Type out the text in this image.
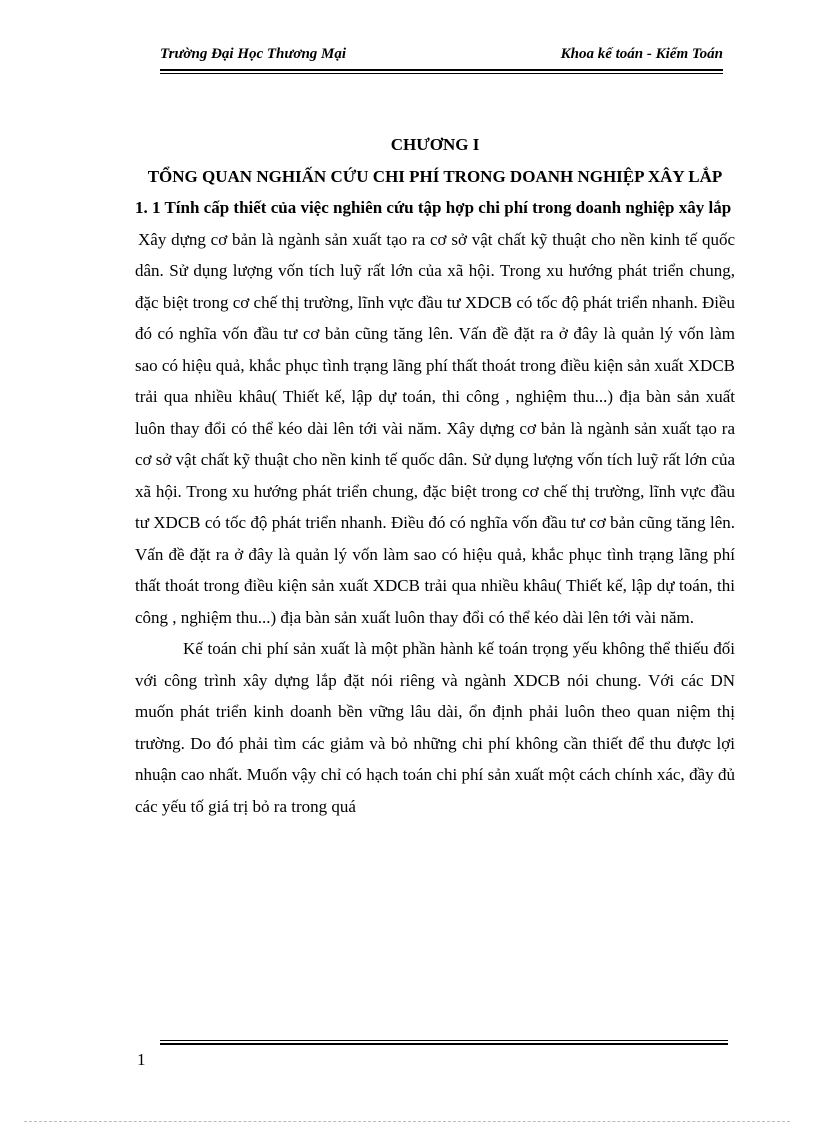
Trường Đại Học Thương Mại	Khoa kế toán - Kiểm Toán

CHƯƠNG I

TỔNG QUAN NGHIẤN CỨU CHI PHÍ TRONG DOANH NGHIỆP XÂY LẮP

1. 1 Tính cấp thiết của việc nghiên cứu tập hợp chi phí trong doanh nghiệp xây lắp

Xây dựng cơ bản là ngành sản xuất tạo ra cơ sở vật chất kỹ thuật cho nền kinh tế quốc dân. Sử dụng lượng vốn tích luỹ rất lớn của xã hội. Trong xu hướng phát triển chung, đặc biệt trong cơ chế thị trường, lĩnh vực đầu tư XDCB có tốc độ phát triển nhanh. Điều đó có nghĩa vốn đầu tư cơ bản cũng tăng lên. Vấn đề đặt ra ở đây là quản lý vốn làm sao có hiệu quả, khắc phục tình trạng lãng phí thất thoát trong điều kiện sản xuất XDCB trải qua nhiều khâu( Thiết kế, lập dự toán, thi công , nghiệm thu...) địa bàn sản xuất luôn thay đổi có thể kéo dài lên tới vài năm. Xây dựng cơ bản là ngành sản xuất tạo ra cơ sở vật chất kỹ thuật cho nền kinh tế quốc dân. Sử dụng lượng vốn tích luỹ rất lớn của xã hội. Trong xu hướng phát triển chung, đặc biệt trong cơ chế thị trường, lĩnh vực đầu tư XDCB có tốc độ phát triển nhanh. Điều đó có nghĩa vốn đầu tư cơ bản cũng tăng lên. Vấn đề đặt ra ở đây là quản lý vốn làm sao có hiệu quả, khắc phục tình trạng lãng phí thất thoát trong điều kiện sản xuất XDCB trải qua nhiều khâu( Thiết kế, lập dự toán, thi công , nghiệm thu...) địa bàn sản xuất luôn thay đổi có thể kéo dài lên tới vài năm.

Kế toán chi phí sản xuất là một phần hành kế toán trọng yếu không thể thiếu đối với công trình xây dựng lắp đặt nói riêng và ngành XDCB nói chung. Với các DN muốn phát triển kinh doanh bền vững lâu dài, ổn định phải luôn theo quan niệm thị trường. Do đó phải tìm các giảm và bỏ những chi phí không cần thiết để thu được lợi nhuận cao nhất. Muốn vậy chỉ có hạch toán chi phí sản xuất một cách chính xác, đầy đủ các yếu tố giá trị bỏ ra trong quá

1
